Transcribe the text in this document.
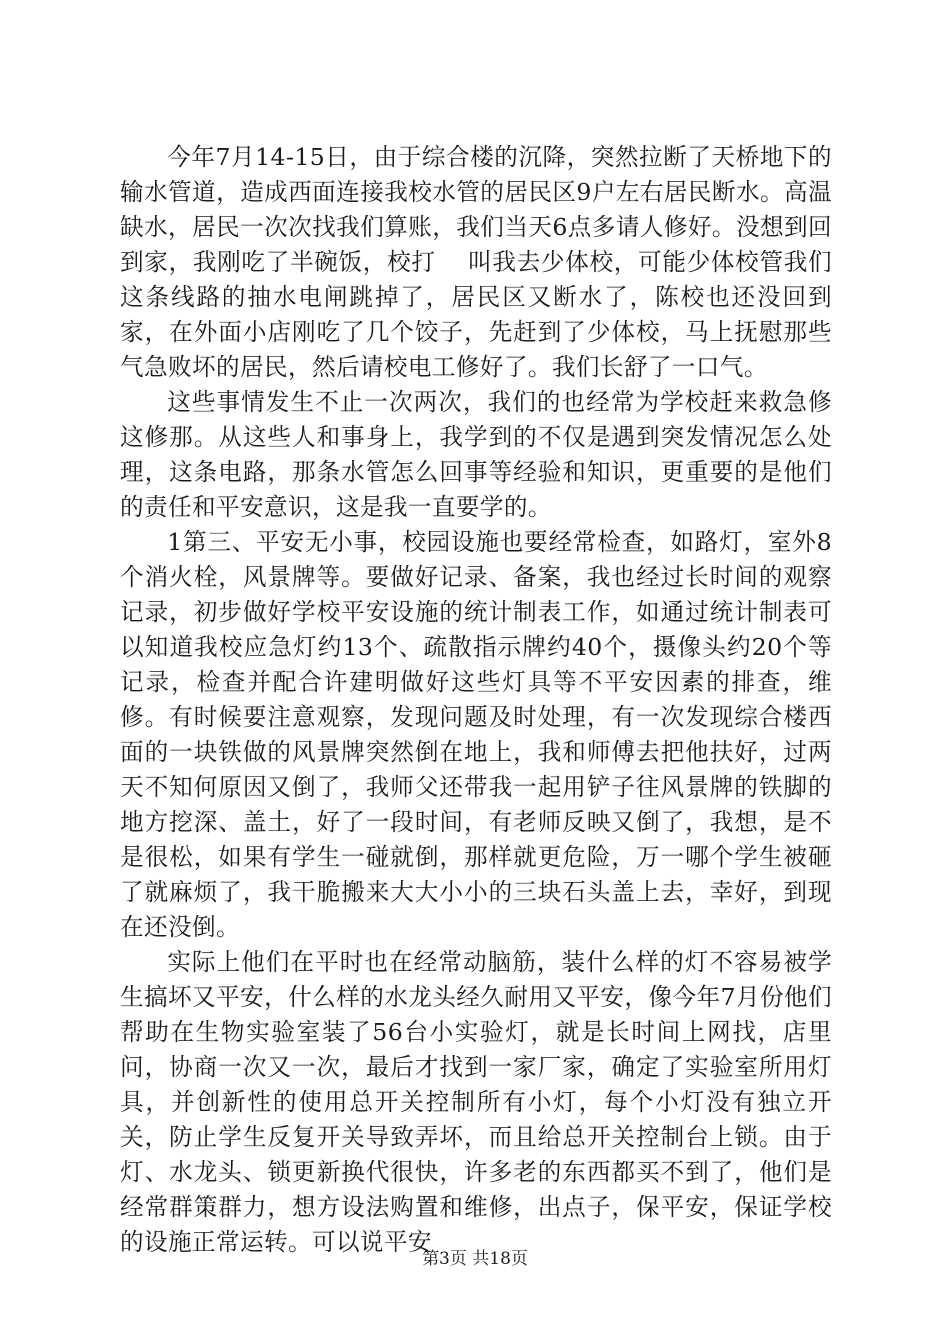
今年7月14-15日，由于综合楼的沉降，突然拉断了天桥地下的输水管道，造成西面连接我校水管的居民区9户左右居民断水。高温缺水，居民一次次找我们算账，我们当天6点多请人修好。没想到回到家，我刚吃了半碗饭，校打　 叫我去少体校，可能少体校管我们这条线路的抽水电闸跳掉了，居民区又断水了，陈校也还没回到家，在外面小店刚吃了几个饺子，先赶到了少体校，马上抚慰那些气急败坏的居民，然后请校电工修好了。我们长舒了一口气。

这些事情发生不止一次两次，我们的也经常为学校赶来救急修这修那。从这些人和事身上，我学到的不仅是遇到突发情况怎么处理，这条电路，那条水管怎么回事等经验和知识，更重要的是他们的责任和平安意识，这是我一直要学的。

1第三、平安无小事，校园设施也要经常检查，如路灯，室外8个消火栓，风景牌等。要做好记录、备案，我也经过长时间的观察记录，初步做好学校平安设施的统计制表工作，如通过统计制表可以知道我校应急灯约13个、疏散指示牌约40个，摄像头约20个等记录，检查并配合许建明做好这些灯具等不平安因素的排查，维修。有时候要注意观察，发现问题及时处理，有一次发现综合楼西面的一块铁做的风景牌突然倒在地上，我和师傅去把他扶好，过两天不知何原因又倒了，我师父还带我一起用铲子往风景牌的铁脚的地方挖深、盖土，好了一段时间，有老师反映又倒了，我想，是不是很松，如果有学生一碰就倒，那样就更危险，万一哪个学生被砸了就麻烦了，我干脆搬来大大小小的三块石头盖上去，幸好，到现在还没倒。

实际上他们在平时也在经常动脑筋，装什么样的灯不容易被学生搞坏又平安，什么样的水龙头经久耐用又平安，像今年7月份他们帮助在生物实验室装了56台小实验灯，就是长时间上网找，店里问，协商一次又一次，最后才找到一家厂家，确定了实验室所用灯具，并创新性的使用总开关控制所有小灯，每个小灯没有独立开关，防止学生反复开关导致弄坏，而且给总开关控制台上锁。由于灯、水龙头、锁更新换代很快，许多老的东西都买不到了，他们是经常群策群力，想方设法购置和维修，出点子，保平安，保证学校的设施正常运转。可以说平安

第3页 共18页
